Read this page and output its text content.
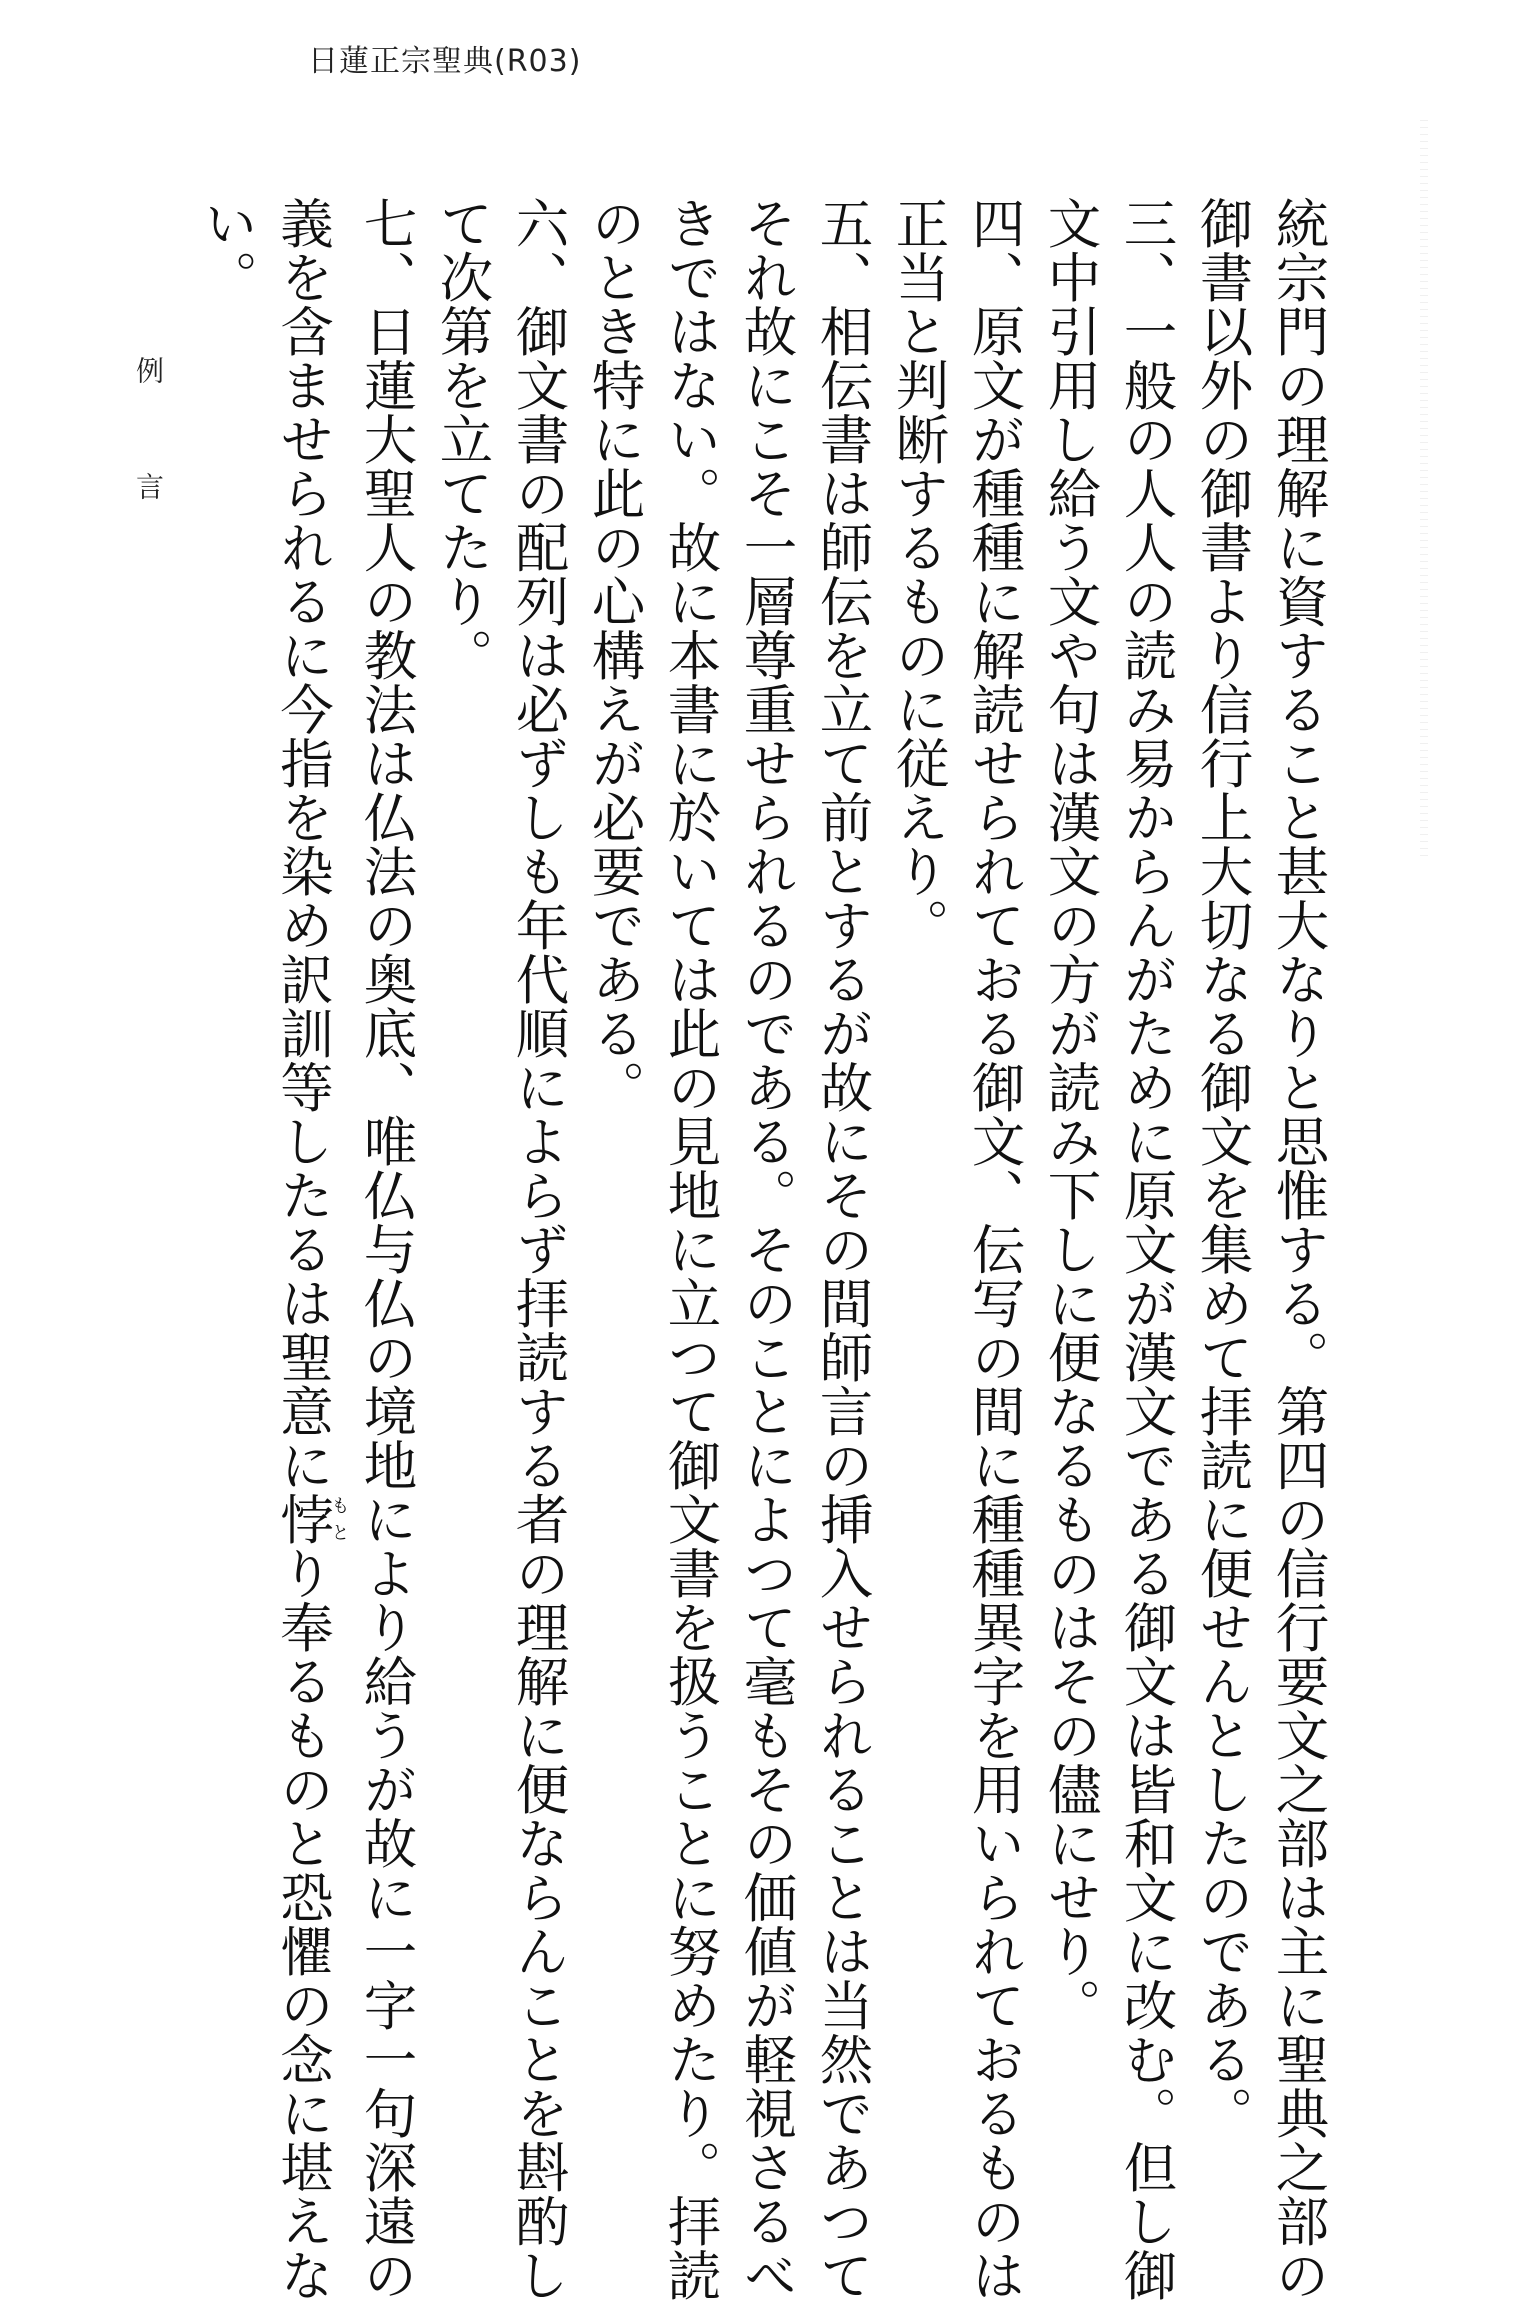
日蓮正宗聖典(R03)
統宗門の理解に資すること甚大なりと思惟する。第四の信行要文之部は主に聖典之部の
御書以外の御書より信行上大切なる御文を集めて拝読に便せんとしたのである。
三、一般の人人の読み易からんがために原文が漢文である御文は皆和文に改む。但し御
文中引用し給う文や句は漢文の方が読み下しに便なるものはその儘にせり。
四、原文が種種に解読せられておる御文、伝写の間に種種異字を用いられておるものは
正当と判断するものに従えり。
五、相伝書は師伝を立て前とするが故にその間師言の挿入せられることは当然であつて
それ故にこそ一層尊重せられるのである。そのことによつて毫もその価値が軽視さるべ
きではない。故に本書に於いては此の見地に立つて御文書を扱うことに努めたり。拝読
のとき特に此の心構えが必要である。
六、御文書の配列は必ずしも年代順によらず拝読する者の理解に便ならんことを斟酌し
て次第を立てたり。
七、日蓮大聖人の教法は仏法の奥底、唯仏与仏の境地により給うが故に一字一句深遠の
義を含ませられるに今指を染め訳訓等したるは聖意に悖もとり奉るものと恐懼の念に堪えな
い。
例言
